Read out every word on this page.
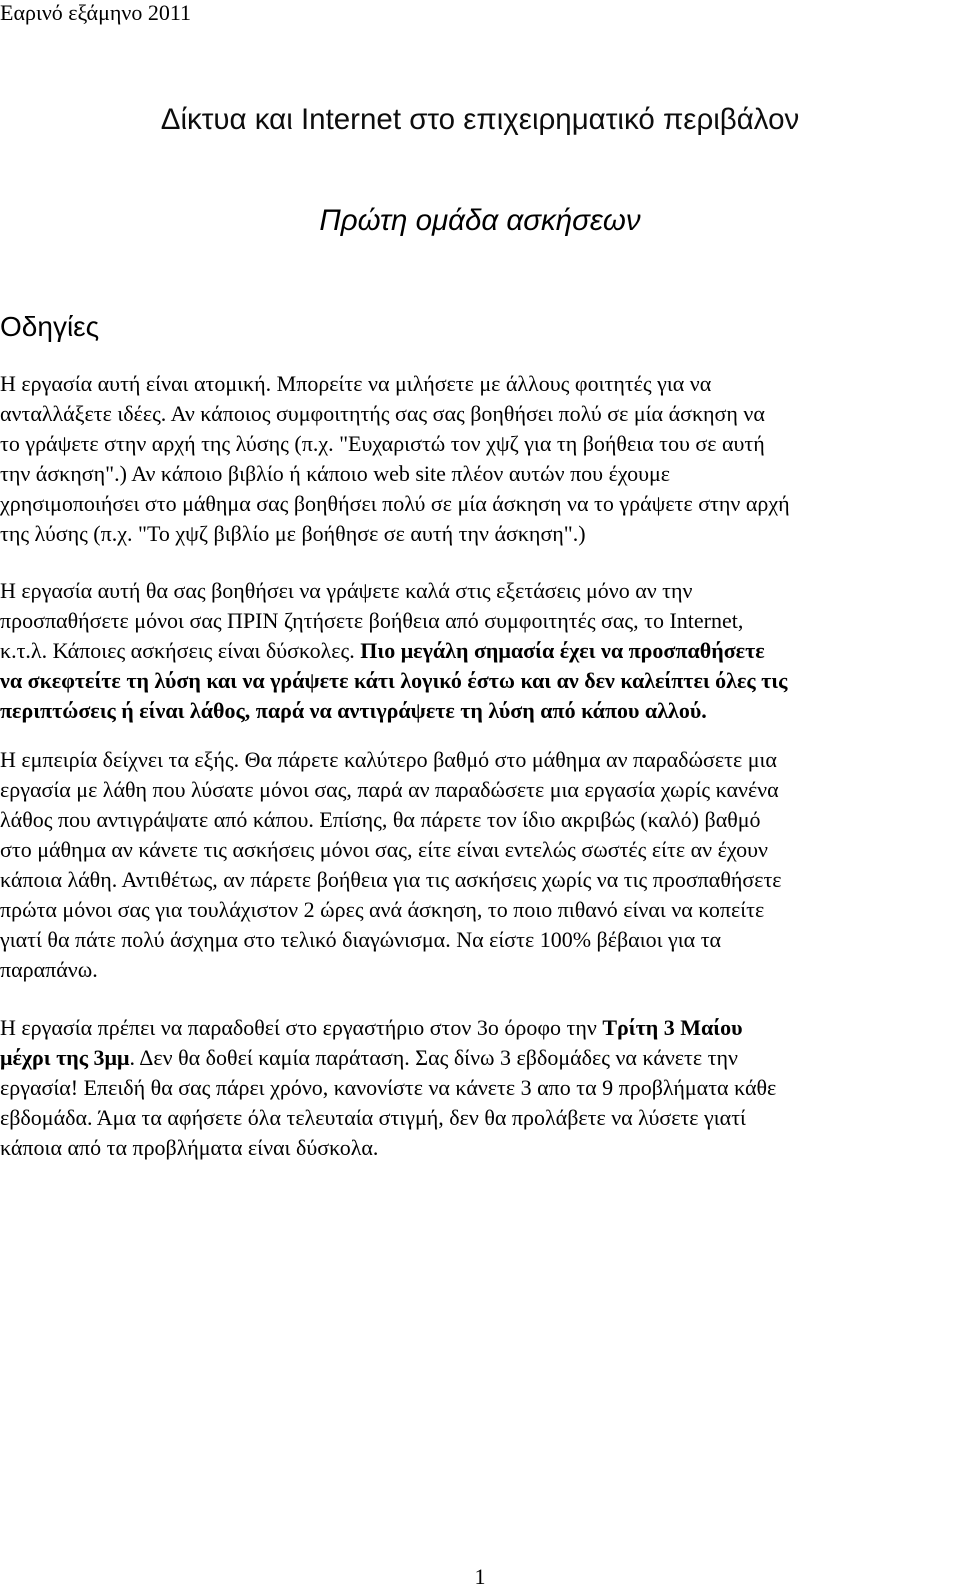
Εαρινό εξάμηνο 2011
Δίκτυα και Internet στο επιχειρηματικό περιβάλον
Πρώτη ομάδα ασκήσεων
Οδηγίες

Η εργασία αυτή είναι ατομική. Μπορείτε να μιλήσετε με άλλους φοιτητές για να
ανταλλάξετε ιδέες. Αν κάποιος συμφοιτητής σας σας βοηθήσει πολύ σε μία άσκηση να
το γράψετε στην αρχή της λύσης (π.χ. "Ευχαριστώ τον χψζ για τη βοήθεια του σε αυτή
την άσκηση".) Αν κάποιο βιβλίο ή κάποιο web site πλέον αυτών που έχουμε
χρησιμοποιήσει στο μάθημα σας βοηθήσει πολύ σε μία άσκηση να το γράψετε στην αρχή
της λύσης (π.χ. "Το χψζ βιβλίο με βοήθησε σε αυτή την άσκηση".)

Η εργασία αυτή θα σας βοηθήσει να γράψετε καλά στις εξετάσεις μόνο αν την
προσπαθήσετε μόνοι σας ΠΡΙΝ ζητήσετε βοήθεια από συμφοιτητές σας, το Internet,
κ.τ.λ. Κάποιες ασκήσεις είναι δύσκολες. Πιο μεγάλη σημασία έχει να προσπαθήσετε
να σκεφτείτε τη λύση και να γράψετε κάτι λογικό έστω και αν δεν καλείπτει όλες τις
περιπτώσεις ή είναι λάθος, παρά να αντιγράψετε τη λύση από κάπου αλλού.

Η εμπειρία δείχνει τα εξής. Θα πάρετε καλύτερο βαθμό στο μάθημα αν παραδώσετε μια
εργασία με λάθη που λύσατε μόνοι σας, παρά αν παραδώσετε μια εργασία χωρίς κανένα
λάθος που αντιγράψατε από κάπου. Επίσης, θα πάρετε τον ίδιο ακριβώς (καλό) βαθμό
στο μάθημα αν κάνετε τις ασκήσεις μόνοι σας, είτε είναι εντελώς σωστές είτε αν έχουν
κάποια λάθη. Αντιθέτως, αν πάρετε βοήθεια για τις ασκήσεις χωρίς να τις προσπαθήσετε
πρώτα μόνοι σας για τουλάχιστον 2 ώρες ανά άσκηση, το ποιο πιθανό είναι να κοπείτε
γιατί θα πάτε πολύ άσχημα στο τελικό διαγώνισμα. Να είστε 100% βέβαιοι για τα
παραπάνω.

Η εργασία πρέπει να παραδοθεί στο εργαστήριο στον 3ο όροφο την Τρίτη 3 Μαίου
μέχρι της 3μμ. Δεν θα δοθεί καμία παράταση. Σας δίνω 3 εβδομάδες να κάνετε την
εργασία! Επειδή θα σας πάρει χρόνο, κανονίστε να κάνετε 3 απο τα 9 προβλήματα κάθε
εβδομάδα. Άμα τα αφήσετε όλα τελευταία στιγμή, δεν θα προλάβετε να λύσετε γιατί
κάποια από τα προβλήματα είναι δύσκολα.

1
